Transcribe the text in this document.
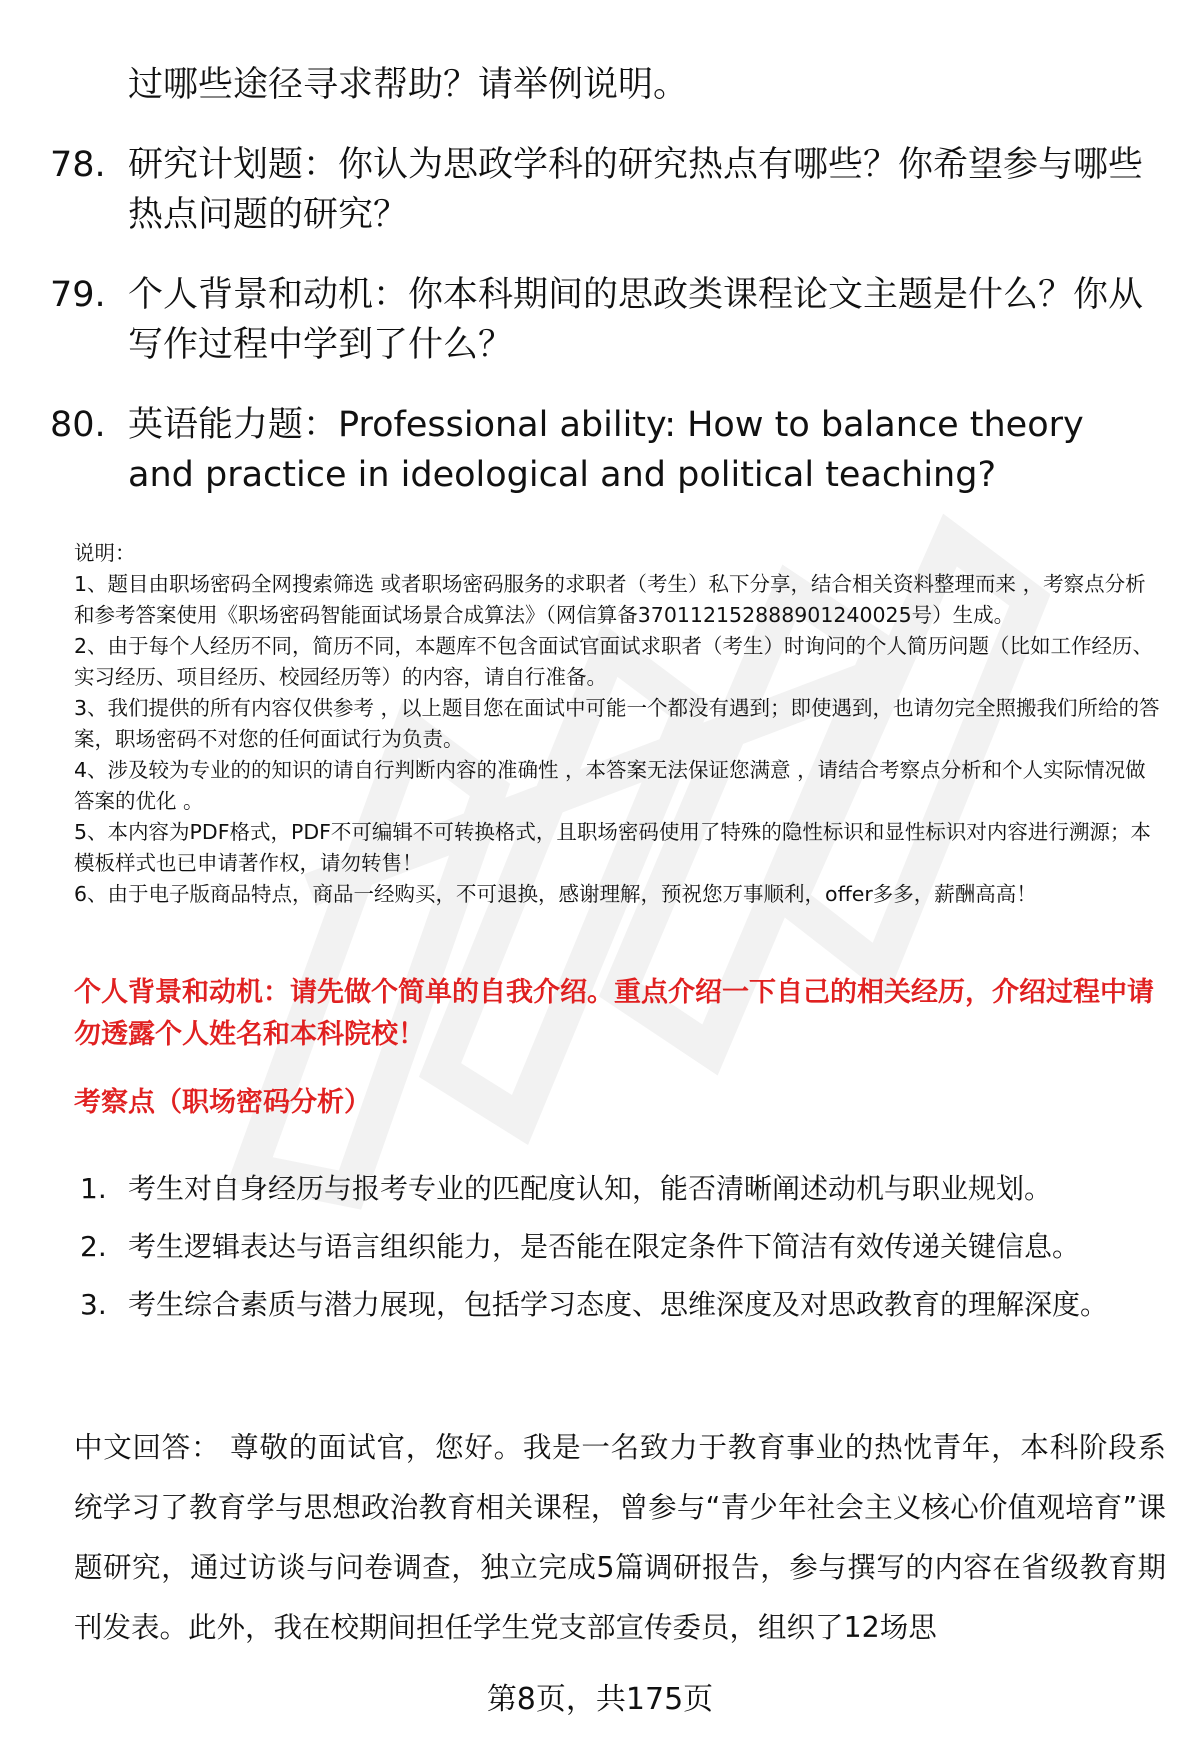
过哪些途径寻求帮助？请举例说明。
78. 研究计划题：你认为思政学科的研究热点有哪些？你希望参与哪些热点问题的研究？
79. 个人背景和动机：你本科期间的思政类课程论文主题是什么？你从写作过程中学到了什么？
80. 英语能力题：Professional ability: How to balance theory and practice in ideological and political teaching?
说明：
1、题目由职场密码全网搜索筛选 或者职场密码服务的求职者（考生）私下分享，结合相关资料整理而来 ，考察点分析和参考答案使用《职场密码智能面试场景合成算法》（网信算备370112152888901240025号）生成。
2、由于每个人经历不同，简历不同，本题库不包含面试官面试求职者（考生）时询问的个人简历问题（比如工作经历、实习经历、项目经历、校园经历等）的内容，请自行准备。
3、我们提供的所有内容仅供参考 ，以上题目您在面试中可能一个都没有遇到；即使遇到，也请勿完全照搬我们所给的答案，职场密码不对您的任何面试行为负责。
4、涉及较为专业的的知识的请自行判断内容的准确性 ，本答案无法保证您满意 ，请结合考察点分析和个人实际情况做答案的优化 。
5、本内容为PDF格式，PDF不可编辑不可转换格式，且职场密码使用了特殊的隐性标识和显性标识对内容进行溯源；本模板样式也已申请著作权，请勿转售！
6、由于电子版商品特点，商品一经购买，不可退换，感谢理解，预祝您万事顺利，offer多多，薪酬高高！
个人背景和动机：请先做个简单的自我介绍。重点介绍一下自己的相关经历，介绍过程中请勿透露个人姓名和本科院校！
考察点（职场密码分析）
1. 考生对自身经历与报考专业的匹配度认知，能否清晰阐述动机与职业规划。
2. 考生逻辑表达与语言组织能力，是否能在限定条件下简洁有效传递关键信息。
3. 考生综合素质与潜力展现，包括学习态度、思维深度及对思政教育的理解深度。
中文回答： 尊敬的面试官，您好。我是一名致力于教育事业的热忱青年，本科阶段系统学习了教育学与思想政治教育相关课程，曾参与“青少年社会主义核心价值观培育”课题研究，通过访谈与问卷调查，独立完成5篇调研报告，参与撰写的内容在省级教育期刊发表。此外，我在校期间担任学生党支部宣传委员，组织了12场思
第8页，共175页
